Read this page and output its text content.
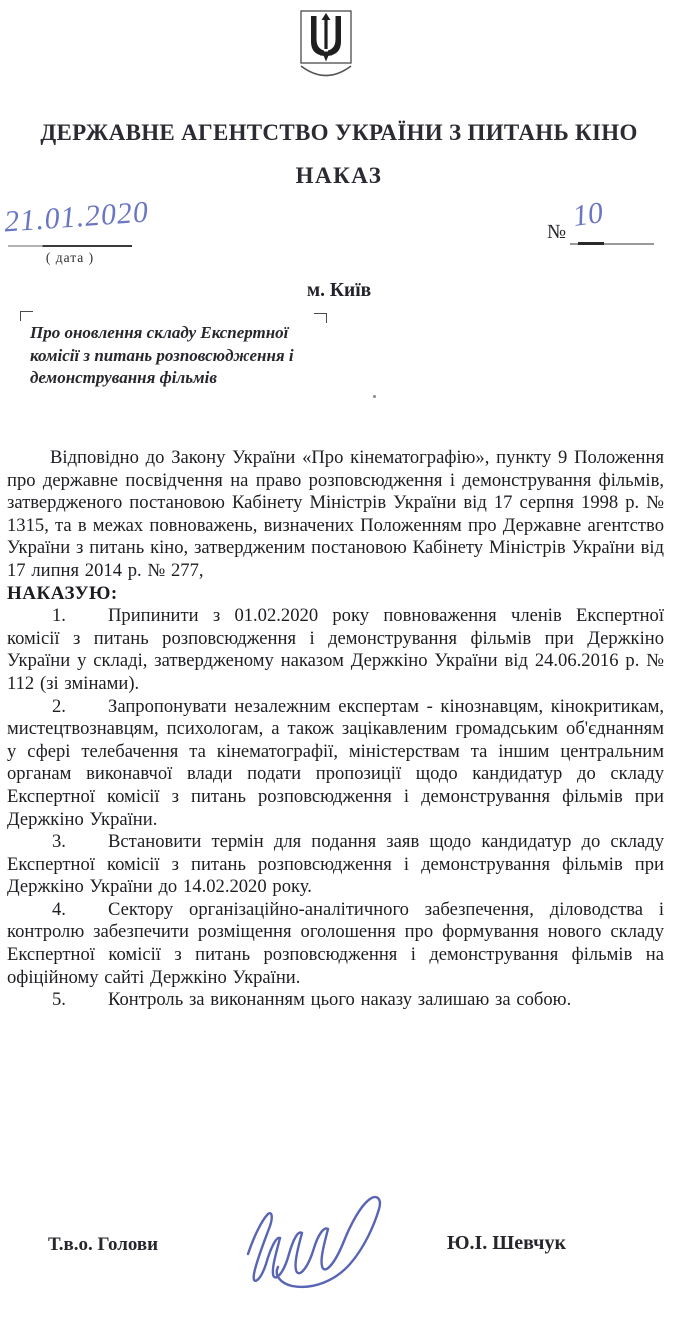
ДЕРЖАВНЕ АГЕНТСТВО УКРАЇНИ З ПИТАНЬ КІНО
НАКАЗ
21.01.2020
( дата )
№ 10
м. Київ
Про оновлення складу Експертної комісії з питань розповсюдження і демонстрування фільмів

Відповідно до Закону України «Про кінематографію», пункту 9 Положення про державне посвідчення на право розповсюдження і демонстрування фільмів, затвердженого постановою Кабінету Міністрів України від 17 серпня 1998 р. № 1315, та в межах повноважень, визначених Положенням про Державне агентство України з питань кіно, затвердженим постановою Кабінету Міністрів України від 17 липня 2014 р. № 277,

НАКАЗУЮ:

1. Припинити з 01.02.2020 року повноваження членів Експертної комісії з питань розповсюдження і демонстрування фільмів при Держкіно України у складі, затвердженому наказом Держкіно України від 24.06.2016 р. № 112 (зі змінами).

2. Запропонувати незалежним експертам - кінознавцям, кінокритикам, мистецтвознавцям, психологам, а також зацікавленим громадським об'єднанням у сфері телебачення та кінематографії, міністерствам та іншим центральним органам виконавчої влади подати пропозиції щодо кандидатур до складу Експертної комісії з питань розповсюдження і демонстрування фільмів при Держкіно України.

3. Встановити термін для подання заяв щодо кандидатур до складу Експертної комісії з питань розповсюдження і демонстрування фільмів при Держкіно України до 14.02.2020 року.

4. Сектору організаційно-аналітичного забезпечення, діловодства і контролю забезпечити розміщення оголошення про формування нового складу Експертної комісії з питань розповсюдження і демонстрування фільмів на офіційному сайті Держкіно України.

5. Контроль за виконанням цього наказу залишаю за собою.

Т.в.о. Голови	Ю.І. Шевчук
